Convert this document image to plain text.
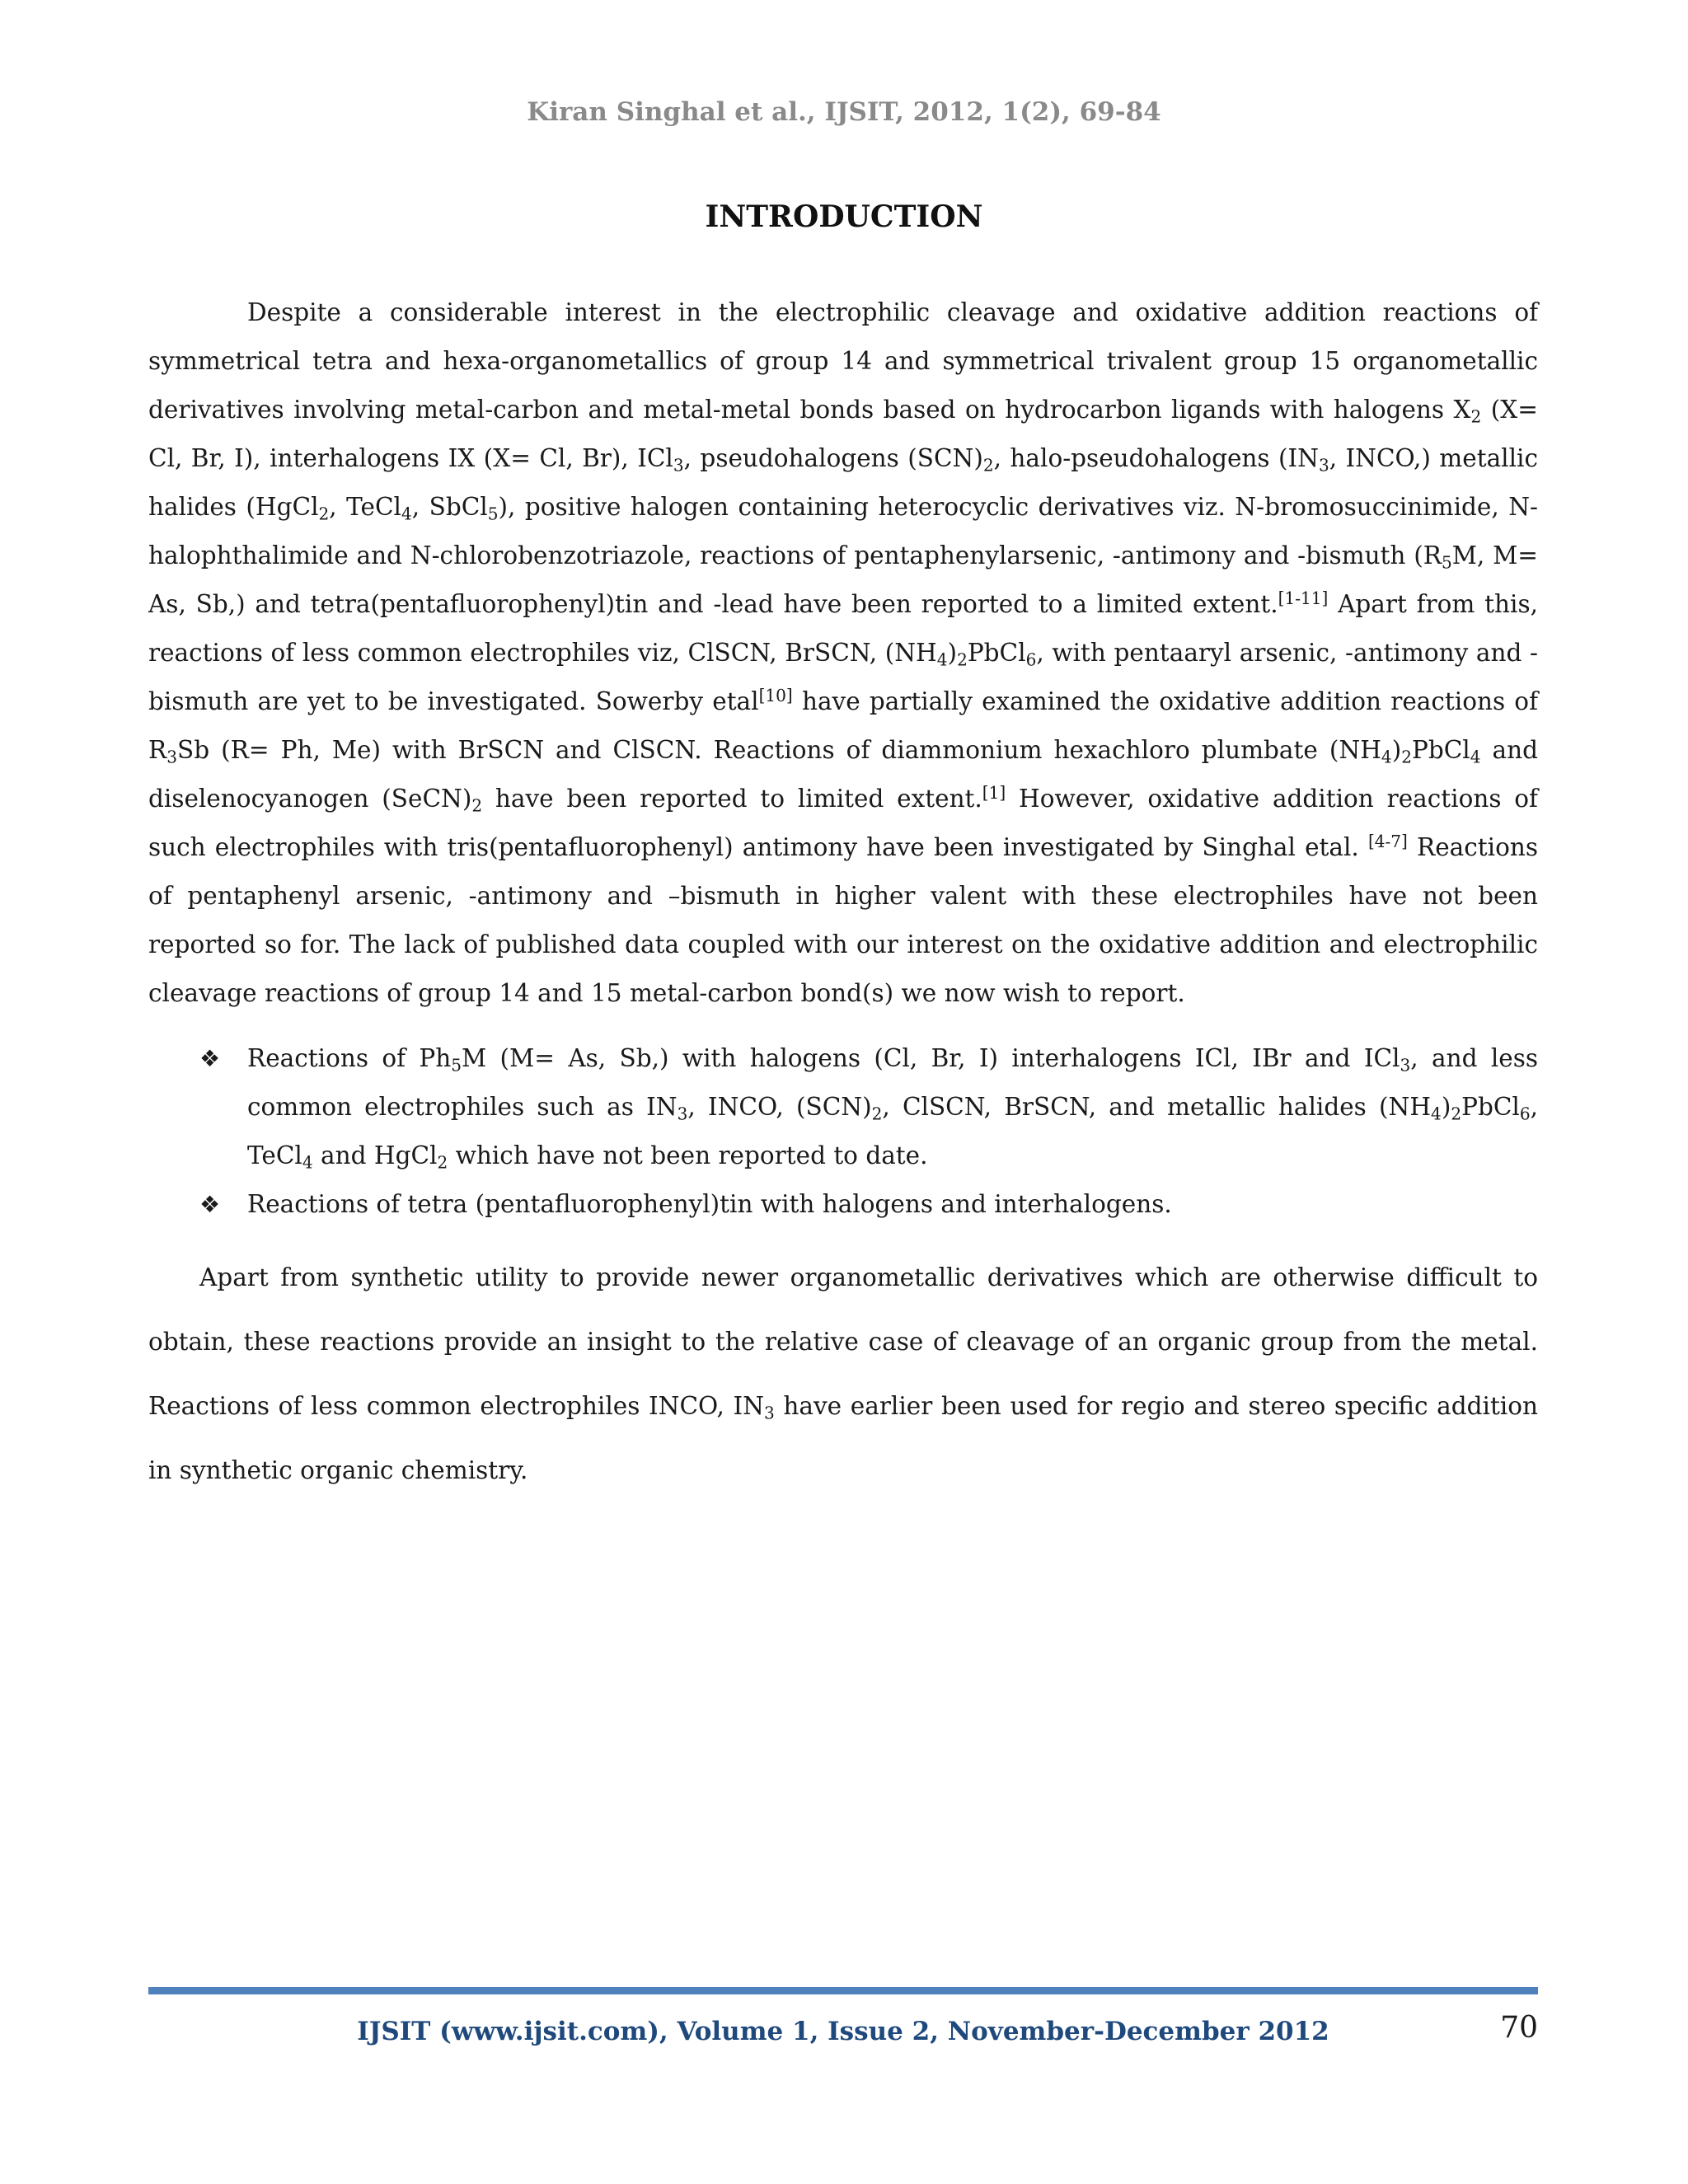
Kiran Singhal et al., IJSIT, 2012, 1(2), 69-84
INTRODUCTION

Despite a considerable interest in the electrophilic cleavage and oxidative addition reactions of symmetrical tetra and hexa-organometallics of group 14 and symmetrical trivalent group 15 organometallic derivatives involving metal-carbon and metal-metal bonds based on hydrocarbon ligands with halogens $X_2$ (X= Cl, Br, I), interhalogens IX (X= Cl, Br), ICl$_3$, pseudohalogens $(SCN)_2$, halo-pseudohalogens ($IN_3$, INCO,) metallic halides (HgCl$_2$, TeCl$_4$, SbCl$_5$), positive halogen containing heterocyclic derivatives viz. N-bromosuccinimide, N-halophthalimide and N-chlorobenzotriazole, reactions of pentaphenylarsenic, -antimony and -bismuth ($R_5M$, M= As, Sb,) and tetra(pentafluorophenyl)tin and -lead have been reported to a limited extent.[1-11] Apart from this, reactions of less common electrophiles viz, ClSCN, BrSCN, $(NH_4)_2PbCl_6$, with pentaaryl arsenic, -antimony and -bismuth are yet to be investigated. Sowerby etal[10] have partially examined the oxidative addition reactions of $R_3Sb$ (R= Ph, Me) with BrSCN and ClSCN. Reactions of diammonium hexachloro plumbate $(NH_4)_2PbCl_4$ and diselenocyanogen $(SeCN)_2$ have been reported to limited extent.[1] However, oxidative addition reactions of such electrophiles with tris(pentafluorophenyl) antimony have been investigated by Singhal etal. [4-7] Reactions of pentaphenyl arsenic, -antimony and –bismuth in higher valent with these electrophiles have not been reported so for. The lack of published data coupled with our interest on the oxidative addition and electrophilic cleavage reactions of group 14 and 15 metal-carbon bond(s) we now wish to report.

❖ Reactions of $Ph_5M$ (M= As, Sb,) with halogens (Cl, Br, I) interhalogens ICl, IBr and ICl$_3$, and less common electrophiles such as $IN_3$, INCO, $(SCN)_2$, ClSCN, BrSCN, and metallic halides $(NH_4)_2PbCl_6$, TeCl$_4$ and HgCl$_2$ which have not been reported to date.
❖ Reactions of tetra (pentafluorophenyl)tin with halogens and interhalogens.

Apart from synthetic utility to provide newer organometallic derivatives which are otherwise difficult to obtain, these reactions provide an insight to the relative case of cleavage of an organic group from the metal. Reactions of less common electrophiles INCO, $IN_3$ have earlier been used for regio and stereo specific addition in synthetic organic chemistry.

IJSIT (www.ijsit.com), Volume 1, Issue 2, November-December 2012	70
